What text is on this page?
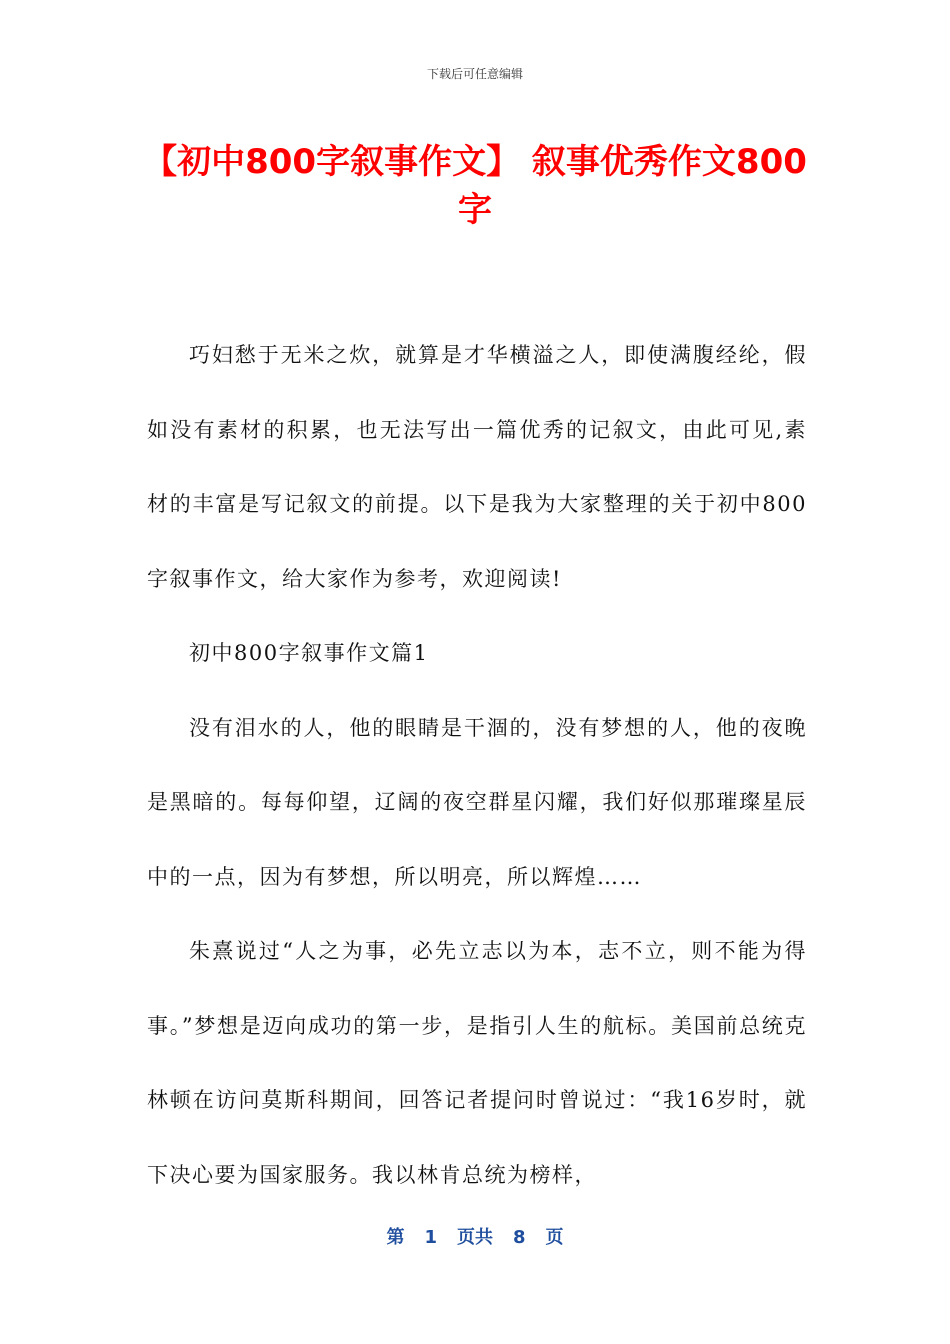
下载后可任意编辑
【初中800字叙事作文】 叙事优秀作文800字

巧妇愁于无米之炊，就算是才华横溢之人，即使满腹经纶，假如没有素材的积累，也无法写出一篇优秀的记叙文，由此可见,素材的丰富是写记叙文的前提。以下是我为大家整理的关于初中800字叙事作文，给大家作为参考，欢迎阅读!

初中800字叙事作文篇1

没有泪水的人，他的眼睛是干涸的，没有梦想的人，他的夜晚是黑暗的。每每仰望，辽阔的夜空群星闪耀，我们好似那璀璨星辰中的一点，因为有梦想，所以明亮，所以辉煌……

朱熹说过“人之为事，必先立志以为本，志不立，则不能为得事。”梦想是迈向成功的第一步，是指引人生的航标。美国前总统克林顿在访问莫斯科期间，回答记者提问时曾说过：“我16岁时，就下决心要为国家服务。我以林肯总统为榜样，

第 1 页共 8 页
